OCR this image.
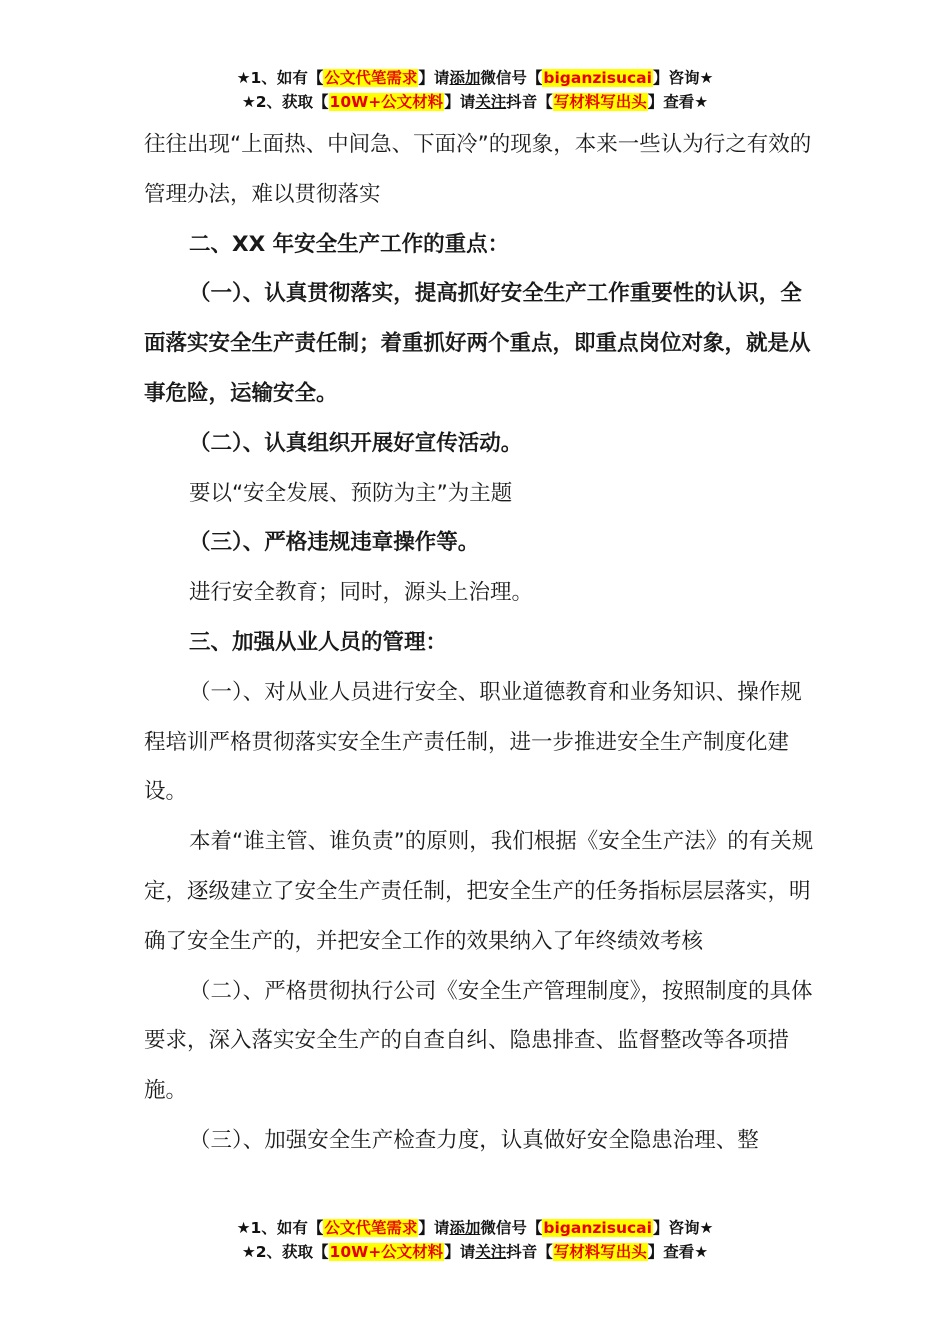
★1、如有【公文代笔需求】请添加微信号【biganzisucai】咨询★
★2、获取【10W+公文材料】请关注抖音【写材料写出头】查看★

往往出现“上面热、中间急、下面冷”的现象，本来一些认为行之有效的管理办法，难以贯彻落实

二、XX 年安全生产工作的重点：

（一）、认真贯彻落实，提高抓好安全生产工作重要性的认识，全面落实安全生产责任制；着重抓好两个重点，即重点岗位对象，就是从事危险，运输安全。

（二）、认真组织开展好宣传活动。

要以“安全发展、预防为主”为主题

（三）、严格违规违章操作等。

进行安全教育；同时，源头上治理。

三、加强从业人员的管理：

（一）、对从业人员进行安全、职业道德教育和业务知识、操作规程培训严格贯彻落实安全生产责任制，进一步推进安全生产制度化建设。

本着“谁主管、谁负责”的原则，我们根据《安全生产法》的有关规定，逐级建立了安全生产责任制，把安全生产的任务指标层层落实，明确了安全生产的，并把安全工作的效果纳入了年终绩效考核

（二）、严格贯彻执行公司《安全生产管理制度》，按照制度的具体要求，深入落实安全生产的自查自纠、隐患排查、监督整改等各项措施。

（三）、加强安全生产检查力度，认真做好安全隐患治理、整

★1、如有【公文代笔需求】请添加微信号【biganzisucai】咨询★
★2、获取【10W+公文材料】请关注抖音【写材料写出头】查看★
